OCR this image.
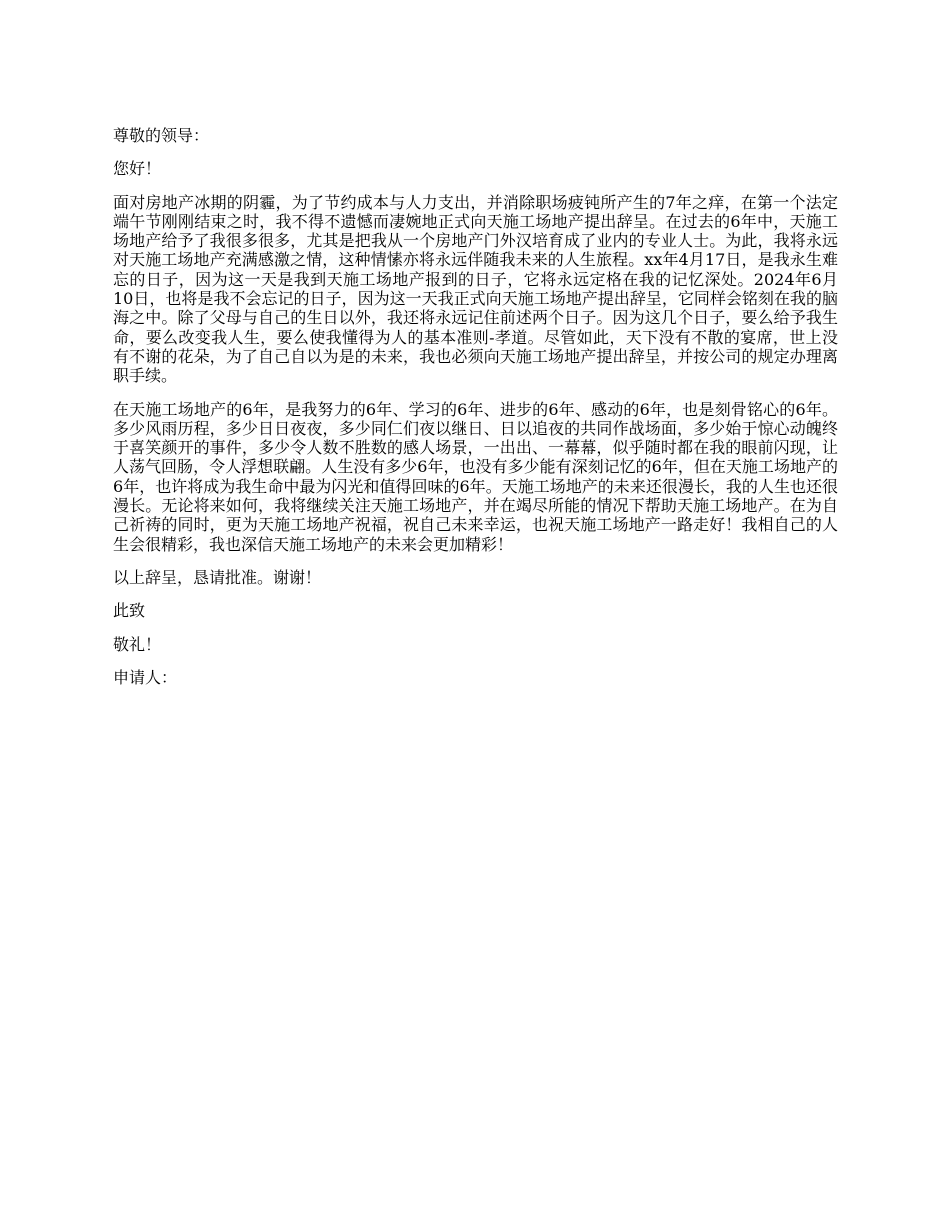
尊敬的领导：

您好！

面对房地产冰期的阴霾，为了节约成本与人力支出，并消除职场疲钝所产生的7年之痒，在第一个法定端午节刚刚结束之时，我不得不遗憾而凄婉地正式向天施工场地产提出辞呈。在过去的6年中，天施工场地产给予了我很多很多，尤其是把我从一个房地产门外汉培育成了业内的专业人士。为此，我将永远对天施工场地产充满感激之情，这种情愫亦将永远伴随我未来的人生旅程。xx年4月17日，是我永生难忘的日子，因为这一天是我到天施工场地产报到的日子，它将永远定格在我的记忆深处。2024年6月10日，也将是我不会忘记的日子，因为这一天我正式向天施工场地产提出辞呈，它同样会铭刻在我的脑海之中。除了父母与自己的生日以外，我还将永远记住前述两个日子。因为这几个日子，要么给予我生命，要么改变我人生，要么使我懂得为人的基本准则-孝道。尽管如此，天下没有不散的宴席，世上没有不谢的花朵，为了自己自以为是的未来，我也必须向天施工场地产提出辞呈，并按公司的规定办理离职手续。

在天施工场地产的6年，是我努力的6年、学习的6年、进步的6年、感动的6年，也是刻骨铭心的6年。多少风雨历程，多少日日夜夜，多少同仁们夜以继日、日以追夜的共同作战场面，多少始于惊心动魄终于喜笑颜开的事件，多少令人数不胜数的感人场景，一出出、一幕幕，似乎随时都在我的眼前闪现，让人荡气回肠，令人浮想联翩。人生没有多少6年，也没有多少能有深刻记忆的6年，但在天施工场地产的6年，也许将成为我生命中最为闪光和值得回味的6年。天施工场地产的未来还很漫长，我的人生也还很漫长。无论将来如何，我将继续关注天施工场地产，并在竭尽所能的情况下帮助天施工场地产。在为自己祈祷的同时，更为天施工场地产祝福，祝自己未来幸运，也祝天施工场地产一路走好！我相自己的人生会很精彩，我也深信天施工场地产的未来会更加精彩！

以上辞呈，恳请批准。谢谢！

此致

敬礼！

申请人：
